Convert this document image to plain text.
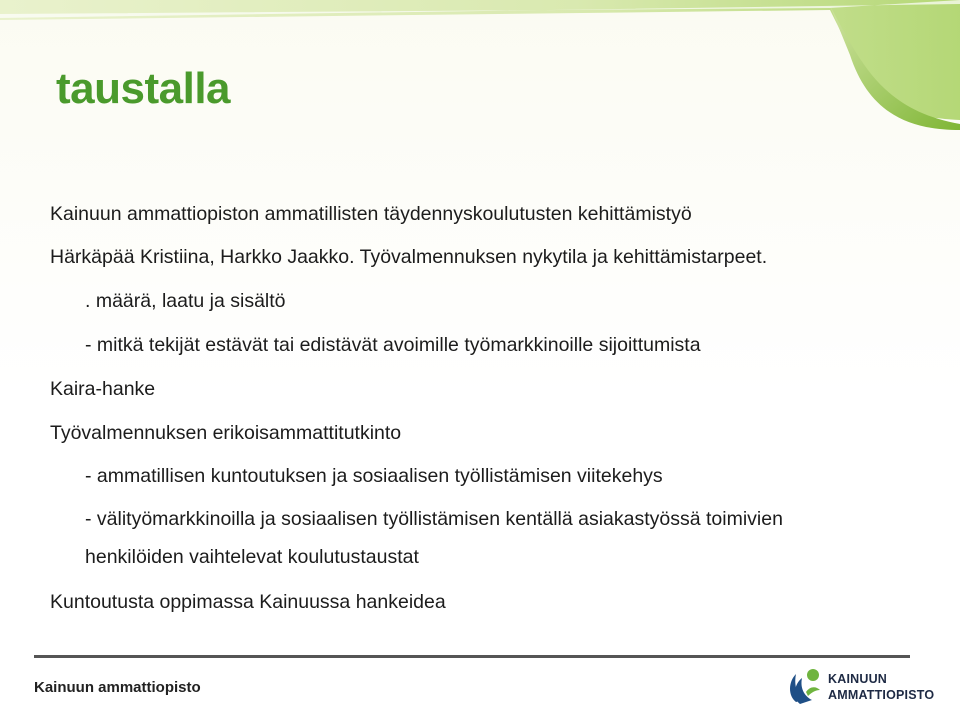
taustalla
Kainuun ammattiopiston ammatillisten täydennyskoulutusten kehittämistyö
Härkäpää Kristiina, Harkko Jaakko. Työvalmennuksen nykytila ja kehittämistarpeet.
. määrä, laatu ja sisältö
- mitkä tekijät estävät tai edistävät avoimille työmarkkinoille sijoittumista
Kaira-hanke
Työvalmennuksen erikoisammattitutkinto
- ammatillisen kuntoutuksen ja sosiaalisen työllistämisen viitekehys
- välityömarkkinoilla ja sosiaalisen työllistämisen kentällä asiakastyössä toimivien
henkilöiden vaihtelevat koulutustaustat
Kuntoutusta oppimassa Kainuussa hankeidea
Kainuun ammattiopisto	KAINUUN
AMMATTIOPISTO
